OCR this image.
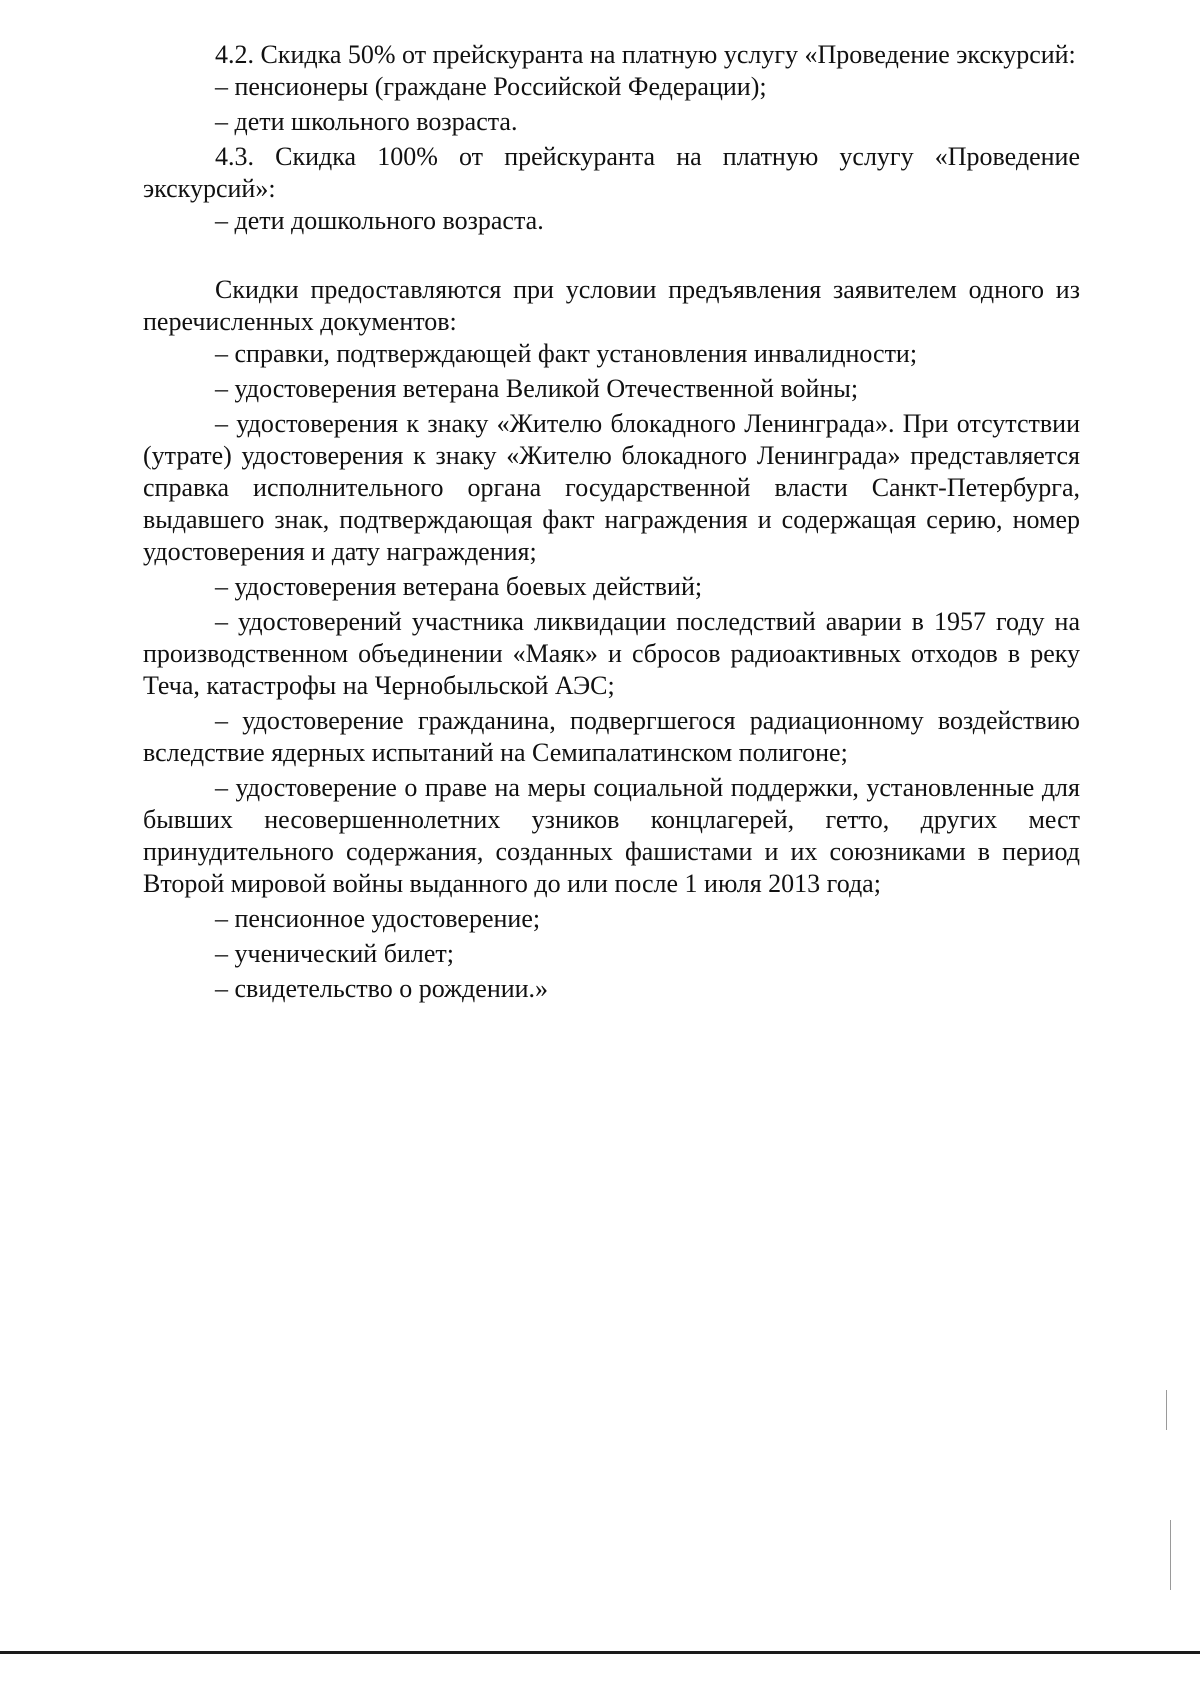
4.2. Скидка 50% от прейскуранта на платную услугу «Проведение экскурсий:

– пенсионеры (граждане Российской Федерации);

– дети школьного возраста.

4.3. Скидка 100% от прейскуранта на платную услугу «Проведение экскурсий»:

– дети дошкольного возраста.

Скидки предоставляются при условии предъявления заявителем одного из перечисленных документов:

– справки, подтверждающей факт установления инвалидности;

– удостоверения ветерана Великой Отечественной войны;

– удостоверения к знаку «Жителю блокадного Ленинграда». При отсутствии (утрате) удостоверения к знаку «Жителю блокадного Ленинграда» представляется справка исполнительного органа государственной власти Санкт-Петербурга, выдавшего знак, подтверждающая факт награждения и содержащая серию, номер удостоверения и дату награждения;

– удостоверения ветерана боевых действий;

– удостоверений участника ликвидации последствий аварии в 1957 году на производственном объединении «Маяк» и сбросов радиоактивных отходов в реку Теча, катастрофы на Чернобыльской АЭС;

– удостоверение гражданина, подвергшегося радиационному воздействию вследствие ядерных испытаний на Семипалатинском полигоне;

– удостоверение о праве на меры социальной поддержки, установленные для бывших несовершеннолетних узников концлагерей, гетто, других мест принудительного содержания, созданных фашистами и их союзниками в период Второй мировой войны выданного до или после 1 июля 2013 года;

– пенсионное удостоверение;

– ученический билет;

– свидетельство о рождении.»
